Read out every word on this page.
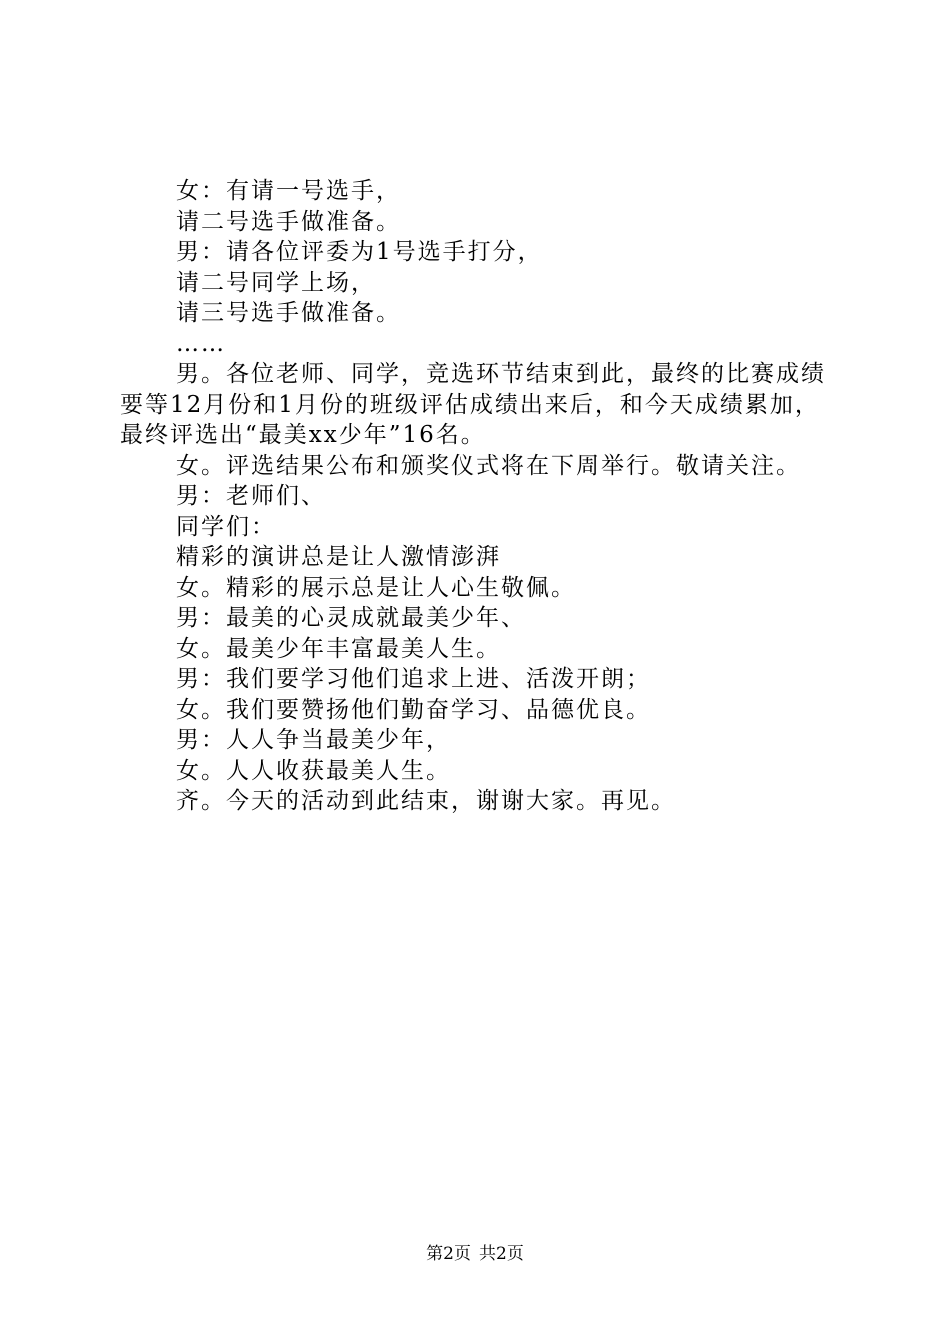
女：有请一号选手，

请二号选手做准备。

男：请各位评委为1号选手打分，

请二号同学上场，

请三号选手做准备。

……

男。各位老师、同学，竞选环节结束到此，最终的比赛成绩要等12月份和1月份的班级评估成绩出来后，和今天成绩累加，最终评选出“最美xx少年”16名。

女。评选结果公布和颁奖仪式将在下周举行。敬请关注。

男：老师们、

同学们：

精彩的演讲总是让人激情澎湃

女。精彩的展示总是让人心生敬佩。

男：最美的心灵成就最美少年、

女。最美少年丰富最美人生。

男：我们要学习他们追求上进、活泼开朗；

女。我们要赞扬他们勤奋学习、品德优良。

男：人人争当最美少年，

女。人人收获最美人生。

齐。今天的活动到此结束，谢谢大家。再见。

第2页 共2页
